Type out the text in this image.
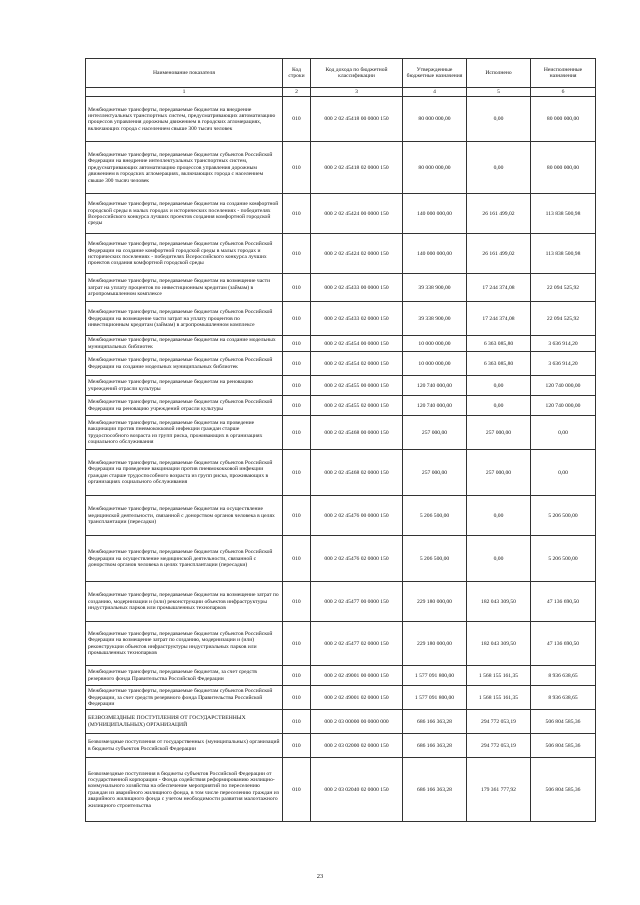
Наименование показателя	Код строки	Код дохода по бюджетной классификации	Утвержденные бюджетные назначения	Исполнено	Неисполненные назначения
1	2	3	4	5	6
Межбюджетные трансферты, передаваемые бюджетам на внедрение интеллектуальных транспортных систем, предусматривающих автоматизацию процессов управления дорожным движением в городских агломерациях, включающих города с населением свыше 300 тысяч человек	010	000 2 02 45418 00 0000 150	80 000 000,00	0,00	80 000 000,00
Межбюджетные трансферты, передаваемые бюджетам субъектов Российской Федерации на внедрение интеллектуальных транспортных систем, предусматривающих автоматизацию процессов управления дорожным движением в городских агломерациях, включающих города с населением свыше 300 тысяч человек	010	000 2 02 45418 02 0000 150	80 000 000,00	0,00	80 000 000,00
Межбюджетные трансферты, передаваемые бюджетам на создание комфортной городской среды в малых городах и исторических поселениях - победителях Всероссийского конкурса лучших проектов создания комфортной городской среды	010	000 2 02 45424 00 0000 150	140 000 000,00	26 161 499,02	113 838 500,98
Межбюджетные трансферты, передаваемые бюджетам субъектов Российской Федерации на создание комфортной городской среды в малых городах и исторических поселениях - победителях Всероссийского конкурса лучших проектов создания комфортной городской среды	010	000 2 02 45424 02 0000 150	140 000 000,00	26 161 499,02	113 838 500,98
Межбюджетные трансферты, передаваемые бюджетам на возмещение части затрат на уплату процентов по инвестиционным кредитам (займам) в агропромышленном комплексе	010	000 2 02 45433 00 0000 150	39 338 900,00	17 244 374,08	22 094 525,92
Межбюджетные трансферты, передаваемые бюджетам субъектов Российской Федерации на возмещение части затрат на уплату процентов по инвестиционным кредитам (займам) в агропромышленном комплексе	010	000 2 02 45433 02 0000 150	39 338 900,00	17 244 374,08	22 094 525,92
Межбюджетные трансферты, передаваемые бюджетам на создание модельных муниципальных библиотек	010	000 2 02 45454 00 0000 150	10 000 000,00	6 363 085,80	3 636 914,20
Межбюджетные трансферты, передаваемые бюджетам субъектов Российской Федерации на создание модельных муниципальных библиотек	010	000 2 02 45454 02 0000 150	10 000 000,00	6 363 085,80	3 636 914,20
Межбюджетные трансферты, передаваемые бюджетам на реновацию учреждений отрасли культуры	010	000 2 02 45455 00 0000 150	120 740 000,00	0,00	120 740 000,00
Межбюджетные трансферты, передаваемые бюджетам субъектов Российской Федерации на реновацию учреждений отрасли культуры	010	000 2 02 45455 02 0000 150	120 740 000,00	0,00	120 740 000,00
Межбюджетные трансферты, передаваемые бюджетам на проведение вакцинации против пневмококковой инфекции граждан старше трудоспособного возраста из групп риска, проживающих в организациях социального обслуживания	010	000 2 02 45468 00 0000 150	257 000,00	257 000,00	0,00
Межбюджетные трансферты, передаваемые бюджетам субъектов Российской Федерации на проведение вакцинации против пневмококковой инфекции граждан старше трудоспособного возраста из групп риска, проживающих в организациях социального обслуживания	010	000 2 02 45468 02 0000 150	257 000,00	257 000,00	0,00
Межбюджетные трансферты, передаваемые бюджетам на осуществление медицинской деятельности, связанной с донорством органов человека в целях трансплантации (пересадки)	010	000 2 02 45476 00 0000 150	5 206 500,00	0,00	5 206 500,00
Межбюджетные трансферты, передаваемые бюджетам субъектов Российской Федерации на осуществление медицинской деятельности, связанной с донорством органов человека в целях трансплантации (пересадки)	010	000 2 02 45476 02 0000 150	5 206 500,00	0,00	5 206 500,00
Межбюджетные трансферты, передаваемые бюджетам на возмещение затрат по созданию, модернизации и (или) реконструкции объектов инфраструктуры индустриальных парков или промышленных технопарков	010	000 2 02 45477 00 0000 150	229 180 000,00	182 043 309,50	47 136 690,50
Межбюджетные трансферты, передаваемые бюджетам субъектов Российской Федерации на возмещение затрат по созданию, модернизации и (или) реконструкции объектов инфраструктуры индустриальных парков или промышленных технопарков	010	000 2 02 45477 02 0000 150	229 180 000,00	182 043 309,50	47 136 690,50
Межбюджетные трансферты, передаваемые бюджетам, за счет средств резервного фонда Правительства Российской Федерации	010	000 2 02 49001 00 0000 150	1 577 091 800,00	1 568 155 161,35	8 936 638,65
Межбюджетные трансферты, передаваемые бюджетам субъектов Российской Федерации, за счет средств резервного фонда Правительства Российской Федерации	010	000 2 02 49001 02 0000 150	1 577 091 800,00	1 568 155 161,35	8 936 638,65
БЕЗВОЗМЕЗДНЫЕ ПОСТУПЛЕНИЯ ОТ ГОСУДАРСТВЕННЫХ (МУНИЦИПАЛЬНЫХ) ОРГАНИЗАЦИЙ	010	000 2 03 00000 00 0000 000	686 166 363,28	294 772 053,19	506 804 585,36
Безвозмездные поступления от государственных (муниципальных) организаций в бюджеты субъектов Российской Федерации	010	000 2 03 02000 02 0000 150	686 166 363,28	294 772 053,19	506 804 585,36
Безвозмездные поступления в бюджеты субъектов Российской Федерации от государственной корпорации - Фонда содействия реформированию жилищно-коммунального хозяйства на обеспечение мероприятий по переселению граждан из аварийного жилищного фонда, в том числе переселению граждан из аварийного жилищного фонда с учетом необходимости развития малоэтажного жилищного строительства	010	000 2 03 02040 02 0000 150	686 166 363,28	179 361 777,92	506 804 585,36
23
